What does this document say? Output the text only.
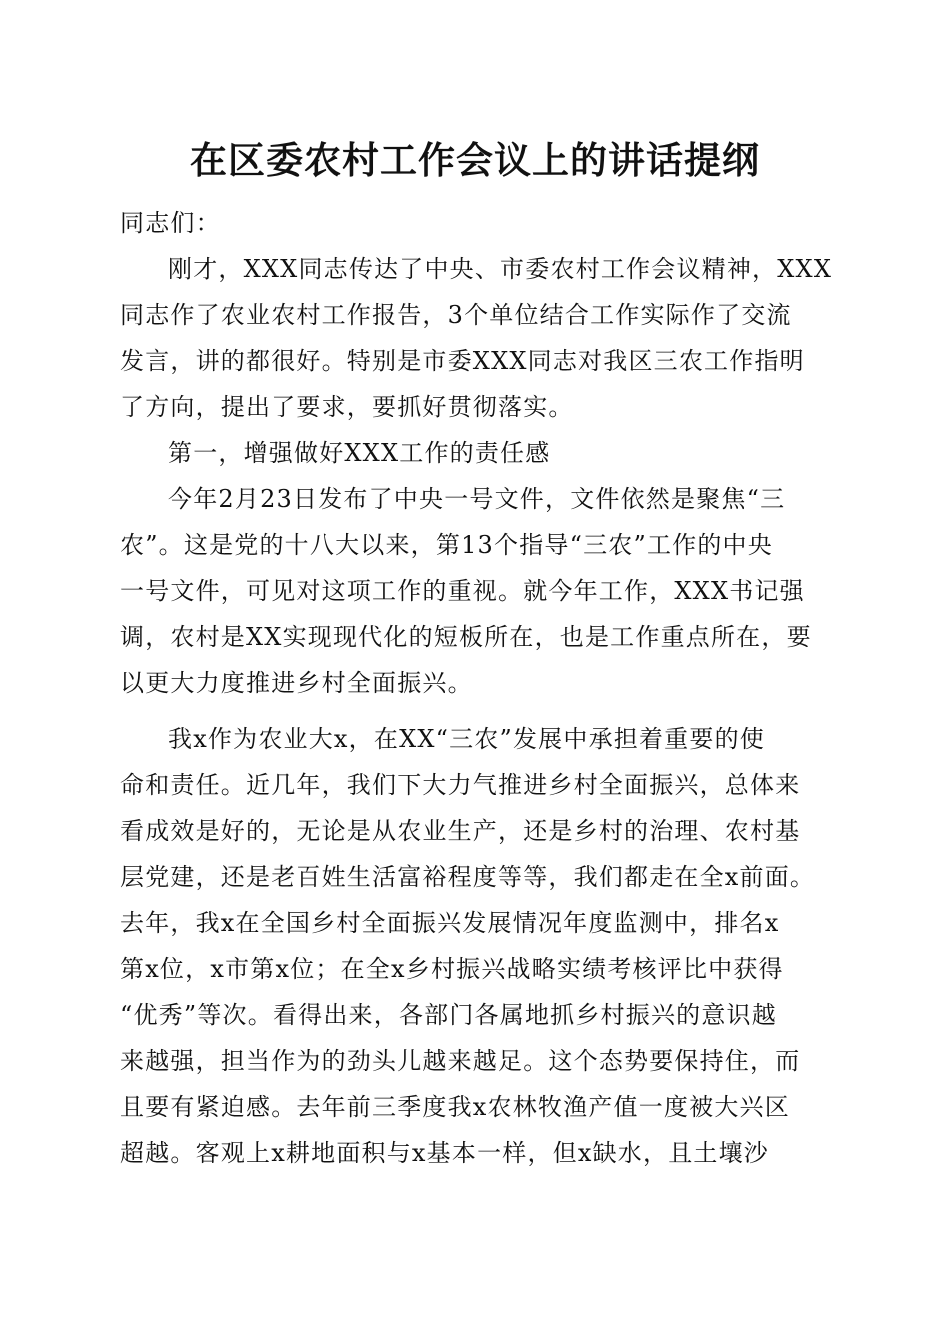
在区委农村工作会议上的讲话提纲

同志们：

刚才，XXX同志传达了中央、市委农村工作会议精神，XXX

同志作了农业农村工作报告，3个单位结合工作实际作了交流

发言，讲的都很好。特别是市委XXX同志对我区三农工作指明

了方向，提出了要求，要抓好贯彻落实。

第一，增强做好XXX工作的责任感

今年2月23日发布了中央一号文件，文件依然是聚焦“三

农”。这是党的十八大以来，第13个指导“三农”工作的中央

一号文件，可见对这项工作的重视。就今年工作，XXX书记强

调，农村是XX实现现代化的短板所在，也是工作重点所在，要

以更大力度推进乡村全面振兴。

我x作为农业大x，在XX“三农”发展中承担着重要的使

命和责任。近几年，我们下大力气推进乡村全面振兴，总体来

看成效是好的，无论是从农业生产，还是乡村的治理、农村基

层党建，还是老百姓生活富裕程度等等，我们都走在全x前面。

去年，我x在全国乡村全面振兴发展情况年度监测中，排名x

第x位，x市第x位；在全x乡村振兴战略实绩考核评比中获得

“优秀”等次。看得出来，各部门各属地抓乡村振兴的意识越

来越强，担当作为的劲头儿越来越足。这个态势要保持住，而

且要有紧迫感。去年前三季度我x农林牧渔产值一度被大兴区

超越。客观上x耕地面积与x基本一样，但x缺水，且土壤沙
